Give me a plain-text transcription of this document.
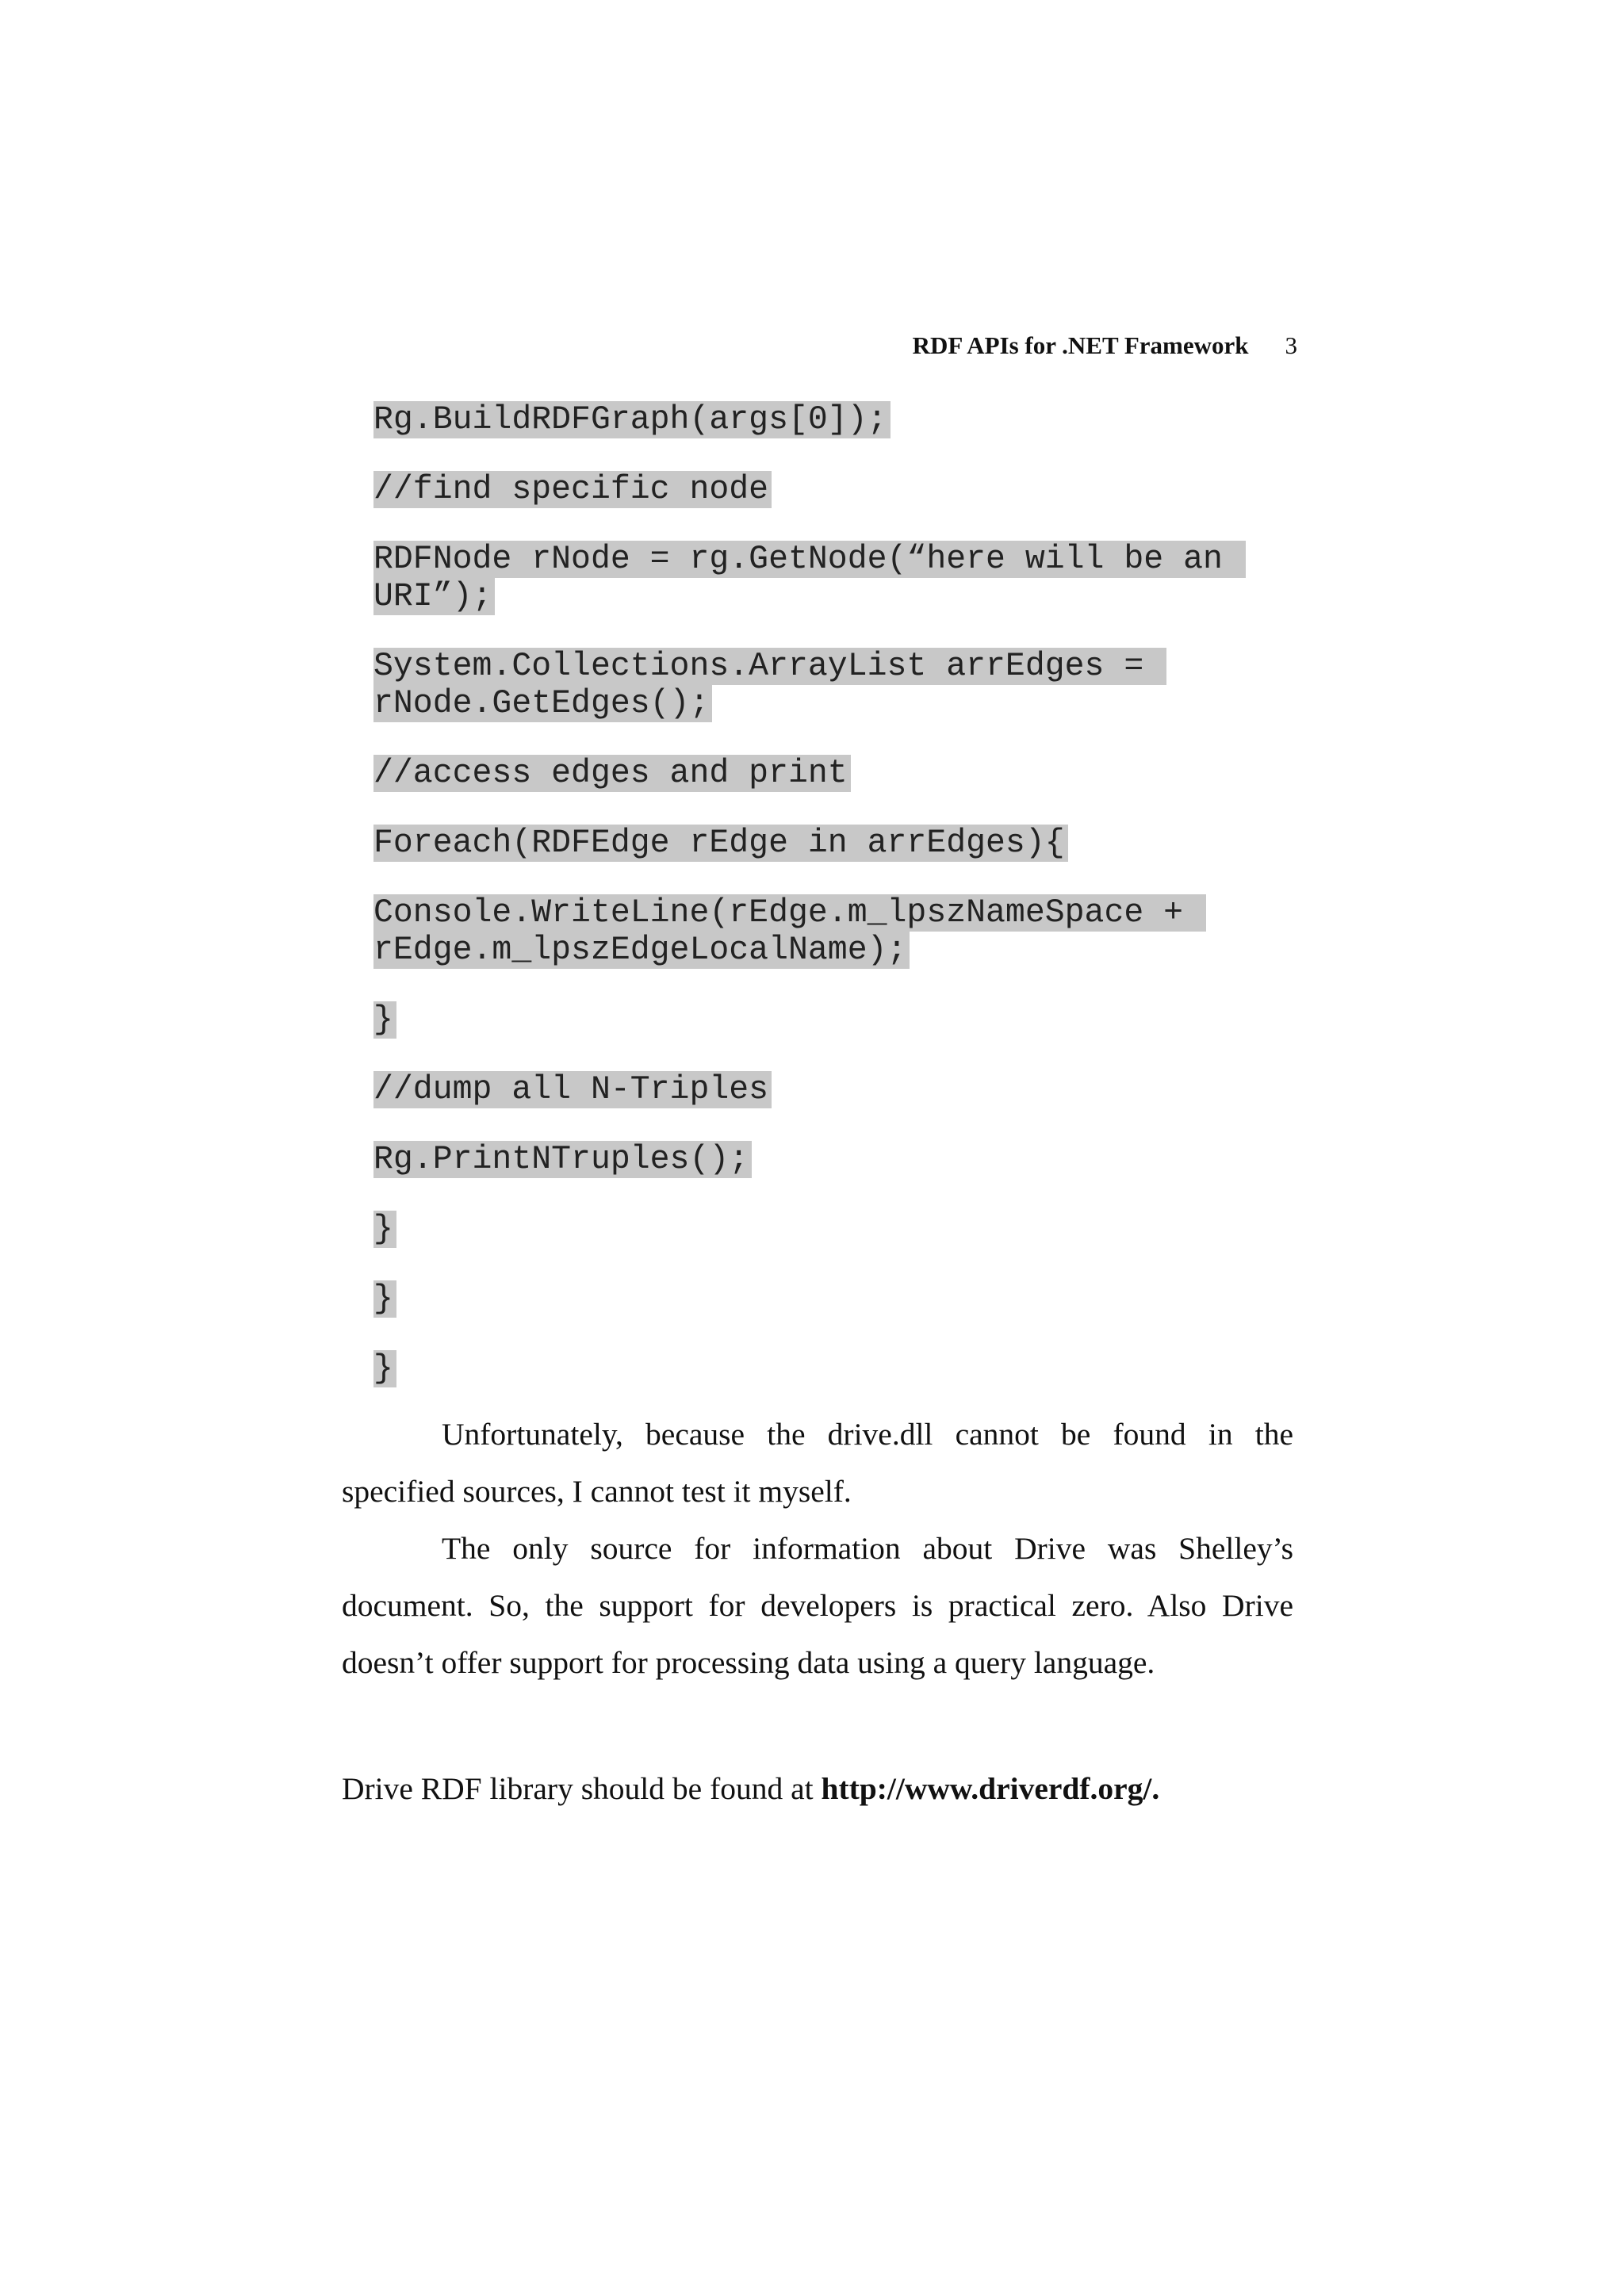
RDF APIs for .NET Framework 3
Rg.BuildRDFGraph(args[0]);
//find specific node
RDFNode rNode = rg.GetNode(“here will be an
URI”);
System.Collections.ArrayList arrEdges =
rNode.GetEdges();
//access edges and print
Foreach(RDFEdge rEdge in arrEdges){
Console.WriteLine(rEdge.m_lpszNameSpace +
rEdge.m_lpszEdgeLocalName);
}
//dump all N-Triples
Rg.PrintNTruples();
}
}
}

Unfortunately, because the drive.dll cannot be found in the specified sources, I cannot test it myself.

The only source for information about Drive was Shelley’s document. So, the support for developers is practical zero. Also Drive doesn’t offer support for processing data using a query language.

Drive RDF library should be found at http://www.driverdf.org/.
